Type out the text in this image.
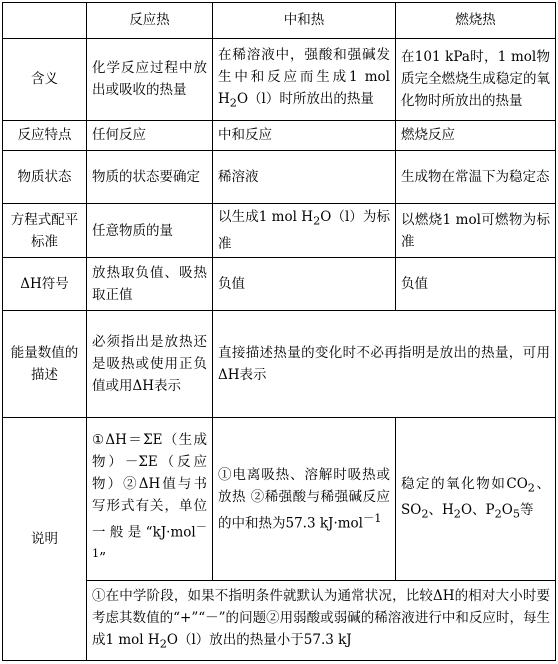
	反应热	中和热	燃烧热
含义	化学反应过程中放出或吸收的热量	在稀溶液中，强酸和强碱发生中和反应而生成1 mol $H_2O(l)$时所放出的热量	在101 kPa时，1 mol物质完全燃烧生成稳定的氧化物时所放出的热量
反应特点	任何反应	中和反应	燃烧反应
物质状态	物质的状态要确定	稀溶液	生成物在常温下为稳定态
方程式配平标准	任意物质的量	以生成1 mol $H_2O(l)$为标准	以燃烧1 mol可燃物为标准
ΔH符号	放热取负值、吸热取正值	负值	负值
能量数值的描述	必须指出是放热还是吸热或使用正负值或用ΔH表示	直接描述热量的变化时不必再指明是放出的热量，可用ΔH表示	
说明	①ΔH＝ΣE（生成物）－ΣE（反应物）②ΔH值与书写形式有关，单位一般是“kJ·mol$^{-1}$”	①电离吸热、溶解时吸热或放热 ②稀强酸与稀强碱反应的中和热为57.3 kJ·mol$^{-1}$	稳定的氧化物如$CO_2$、$SO_2$、$H_2O$、$P_2O_5$等
	①在中学阶段，如果不指明条件就默认为通常状况，比较ΔH的相对大小时要考虑其数值的“+”“－”的问题②用弱酸或弱碱的稀溶液进行中和反应时，每生成1 mol $H_2O(l)$放出的热量小于57.3 kJ		
